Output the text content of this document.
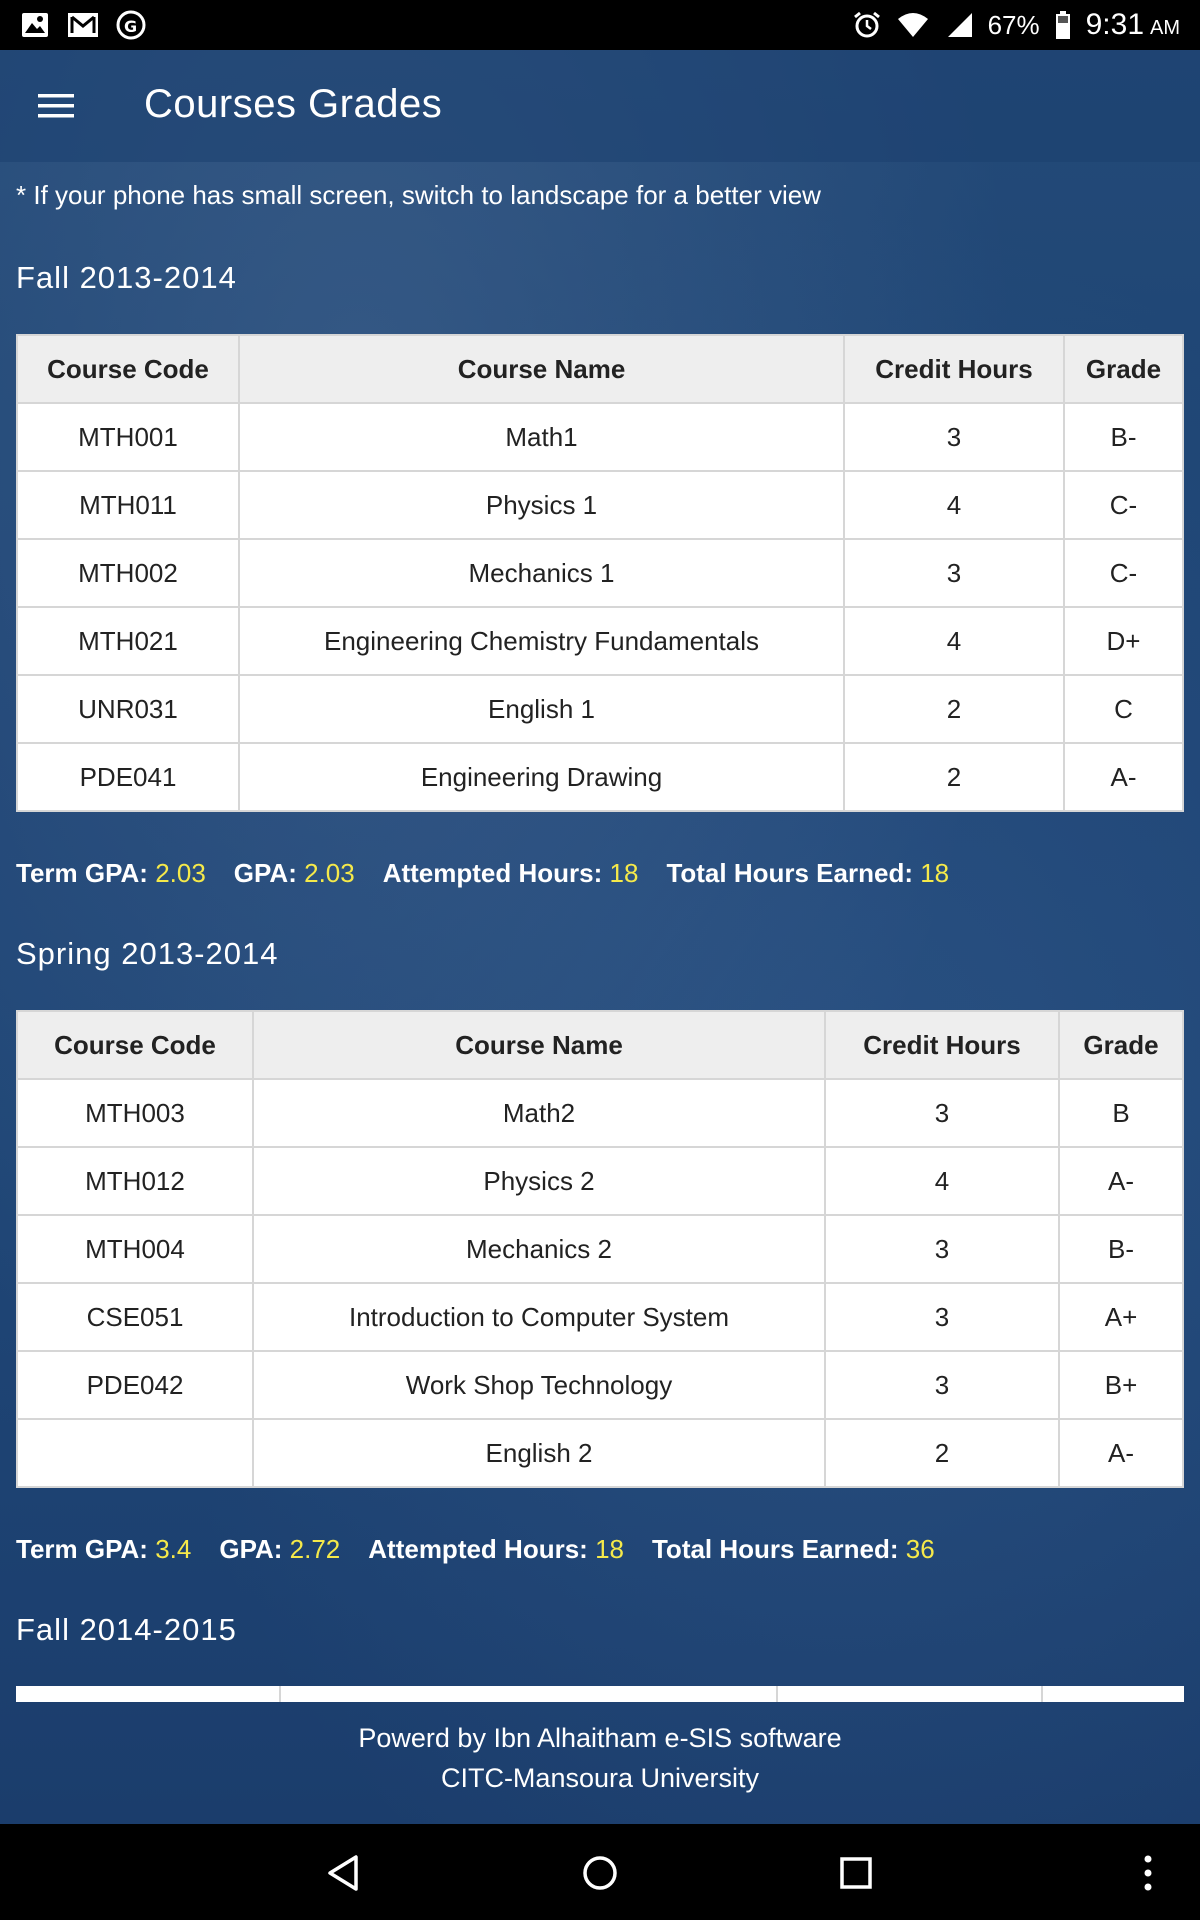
G	67% 9:31 AM
Courses Grades
* If your phone has small screen, switch to landscape for a better view
Fall 2013-2014
Course Code	Course Name	Credit Hours	Grade
MTH001	Math1	3	B-
MTH011	Physics 1	4	C-
MTH002	Mechanics 1	3	C-
MTH021	Engineering Chemistry Fundamentals	4	D+
UNR031	English 1	2	C
PDE041	Engineering Drawing	2	A-
Term GPA: 2.03 GPA: 2.03 Attempted Hours: 18 Total Hours Earned: 18
Spring 2013-2014
Course Code	Course Name	Credit Hours	Grade
MTH003	Math2	3	B
MTH012	Physics 2	4	A-
MTH004	Mechanics 2	3	B-
CSE051	Introduction to Computer System	3	A+
PDE042	Work Shop Technology	3	B+
	English 2	2	A-
Term GPA: 3.4 GPA: 2.72 Attempted Hours: 18 Total Hours Earned: 36
Fall 2014-2015
Powerd by Ibn Alhaitham e-SIS software
CITC-Mansoura University
